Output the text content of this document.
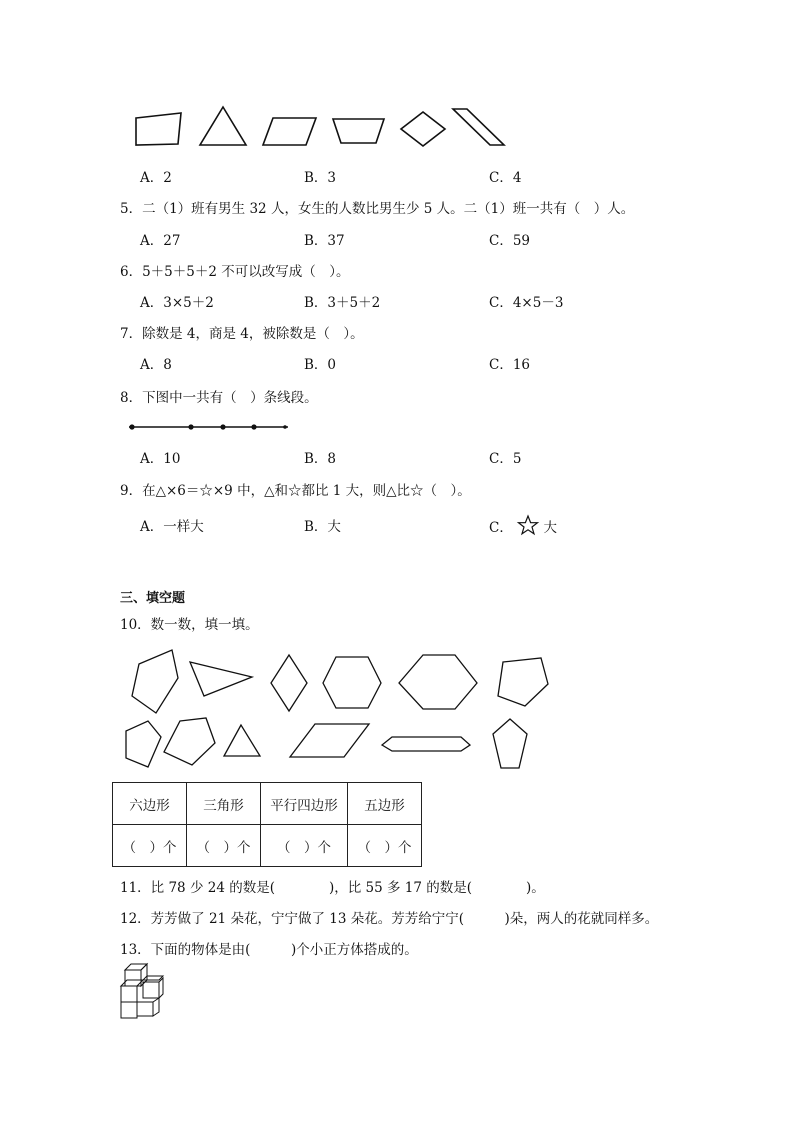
A．2	B．3	C．4
5．二（1）班有男生 32 人，女生的人数比男生少 5 人。二（1）班一共有（　）人。
A．27	B．37	C．59
6．5＋5＋5＋2 不可以改写成（　）。
A．3×5＋2	B．3＋5＋2	C．4×5－3
7．除数是 4，商是 4，被除数是（　）。
A．8	B．0	C．16
8．下图中一共有（　）条线段。
A．10	B．8	C．5
9．在△×6＝☆×9 中，△和☆都比 1 大，则△比☆（　）。
A．一样大	B．大	C． 大
三、填空题
10．数一数，填一填。
六边形	三角形	平行四边形	五边形
（　）个	（　）个	（　）个	（　）个
11．比 78 少 24 的数是(　　　　)，比 55 多 17 的数是(　　　　)。
12．芳芳做了 21 朵花，宁宁做了 13 朵花。芳芳给宁宁(　　　)朵，两人的花就同样多。
13．下面的物体是由(　　　)个小正方体搭成的。
